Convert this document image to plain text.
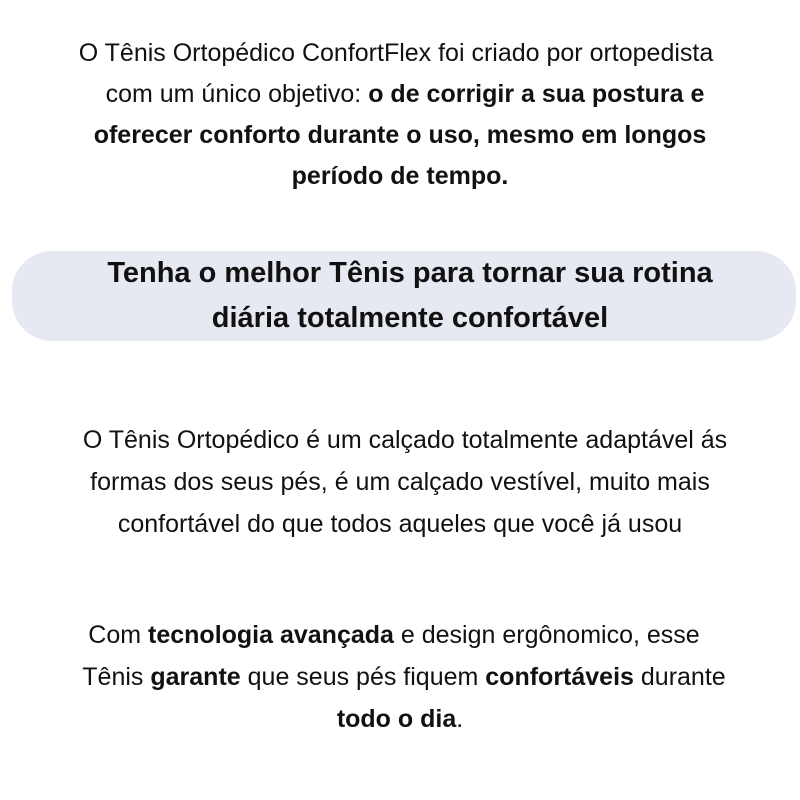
O Tênis Ortopédico ConfortFlex foi criado por ortopedista
com um único objetivo: o de corrigir a sua postura e
oferecer conforto durante o uso, mesmo em longos
período de tempo.
Tenha o melhor Tênis para tornar sua rotina
diária totalmente confortável
O Tênis Ortopédico é um calçado totalmente adaptável ás
formas dos seus pés, é um calçado vestível, muito mais
confortável do que todos aqueles que você já usou
Com tecnologia avançada e design ergônomico, esse
Tênis garante que seus pés fiquem confortáveis durante
todo o dia.
